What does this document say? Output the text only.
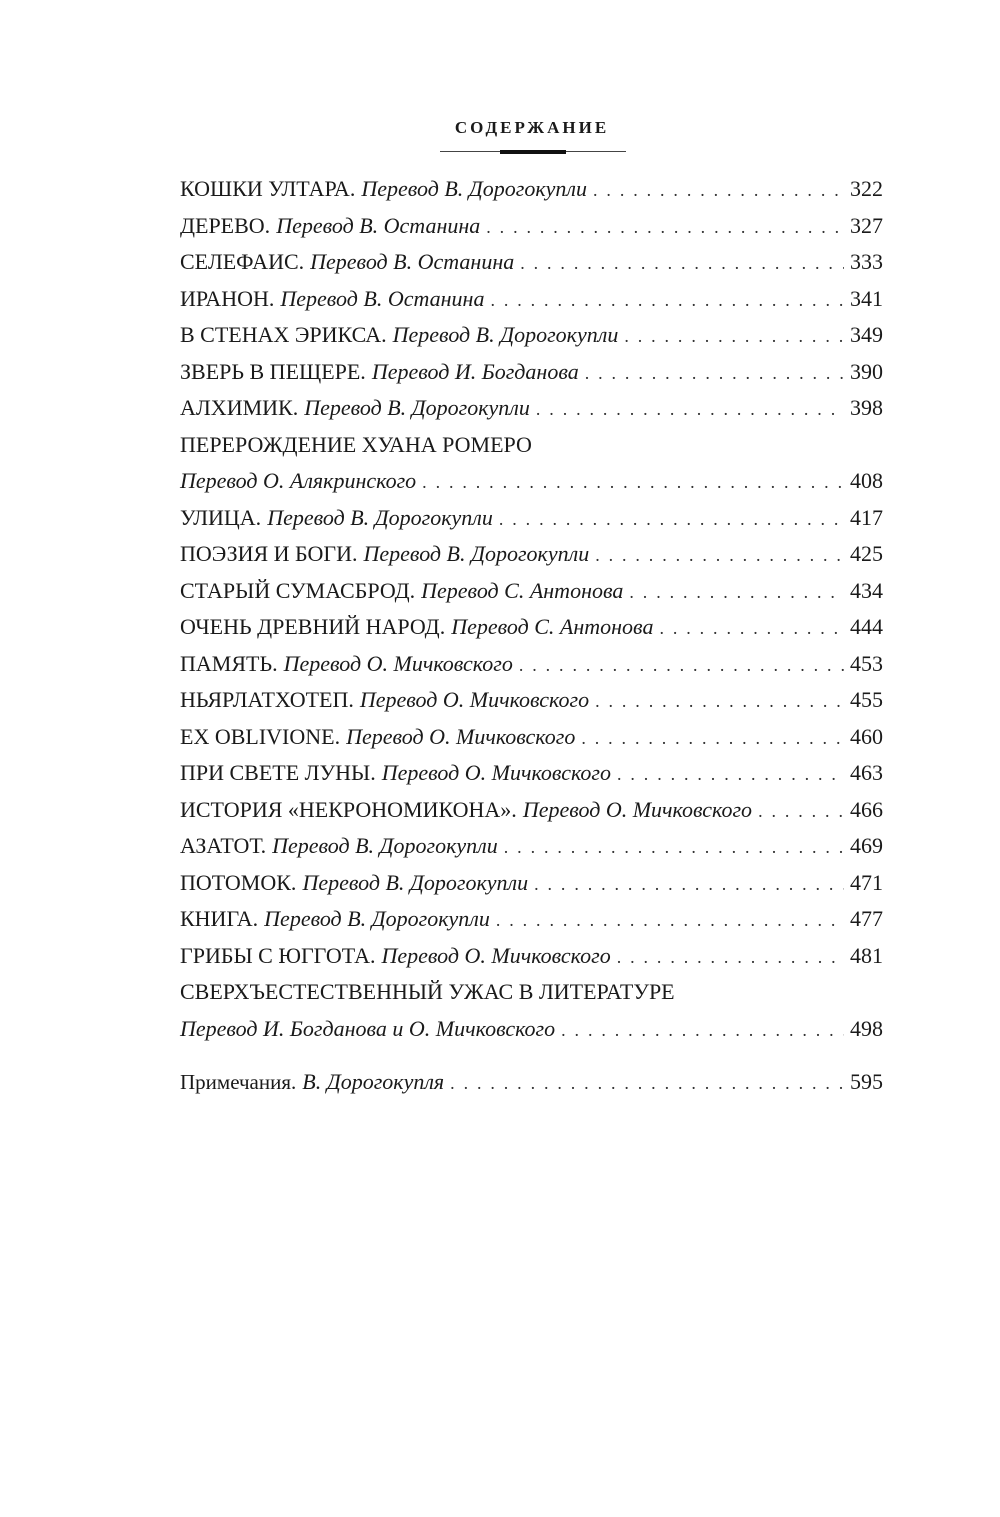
СОДЕРЖАНИЕ
КОШКИ УЛТАРА. Перевод В. Дорогокупли . . .	322
ДЕРЕВО. Перевод В. Останина . . .	327
СЕЛЕФАИС. Перевод В. Останина . . .	333
ИРАНОН. Перевод В. Останина . . .	341
В СТЕНАХ ЭРИКСА. Перевод В. Дорогокупли . . .	349
ЗВЕРЬ В ПЕЩЕРЕ. Перевод И. Богданова . . .	390
АЛХИМИК. Перевод В. Дорогокупли . . .	398
ПЕРЕРОЖДЕНИЕ ХУАНА РОМЕРО
Перевод О. Алякринского . . .	408
УЛИЦА. Перевод В. Дорогокупли . . .	417
ПОЭЗИЯ И БОГИ. Перевод В. Дорогокупли . . .	425
СТАРЫЙ СУМАСБРОД. Перевод С. Антонова . . .	434
ОЧЕНЬ ДРЕВНИЙ НАРОД. Перевод С. Антонова . . .	444
ПАМЯТЬ. Перевод О. Мичковского . . .	453
НЬЯРЛАТХОТЕП. Перевод О. Мичковского . . .	455
EX OBLIVIONE. Перевод О. Мичковского . . .	460
ПРИ СВЕТЕ ЛУНЫ. Перевод О. Мичковского . . .	463
ИСТОРИЯ «НЕКРОНОМИКОНА». Перевод О. Мичковского . . .	466
АЗАТОТ. Перевод В. Дорогокупли . . .	469
ПОТОМОК. Перевод В. Дорогокупли . . .	471
КНИГА. Перевод В. Дорогокупли . . .	477
ГРИБЫ С ЮГГОТА. Перевод О. Мичковского . . .	481
СВЕРХЪЕСТЕСТВЕННЫЙ УЖАС В ЛИТЕРАТУРЕ
Перевод И. Богданова и О. Мичковского . . .	498
Примечания. В. Дорогокупля . . .	595
